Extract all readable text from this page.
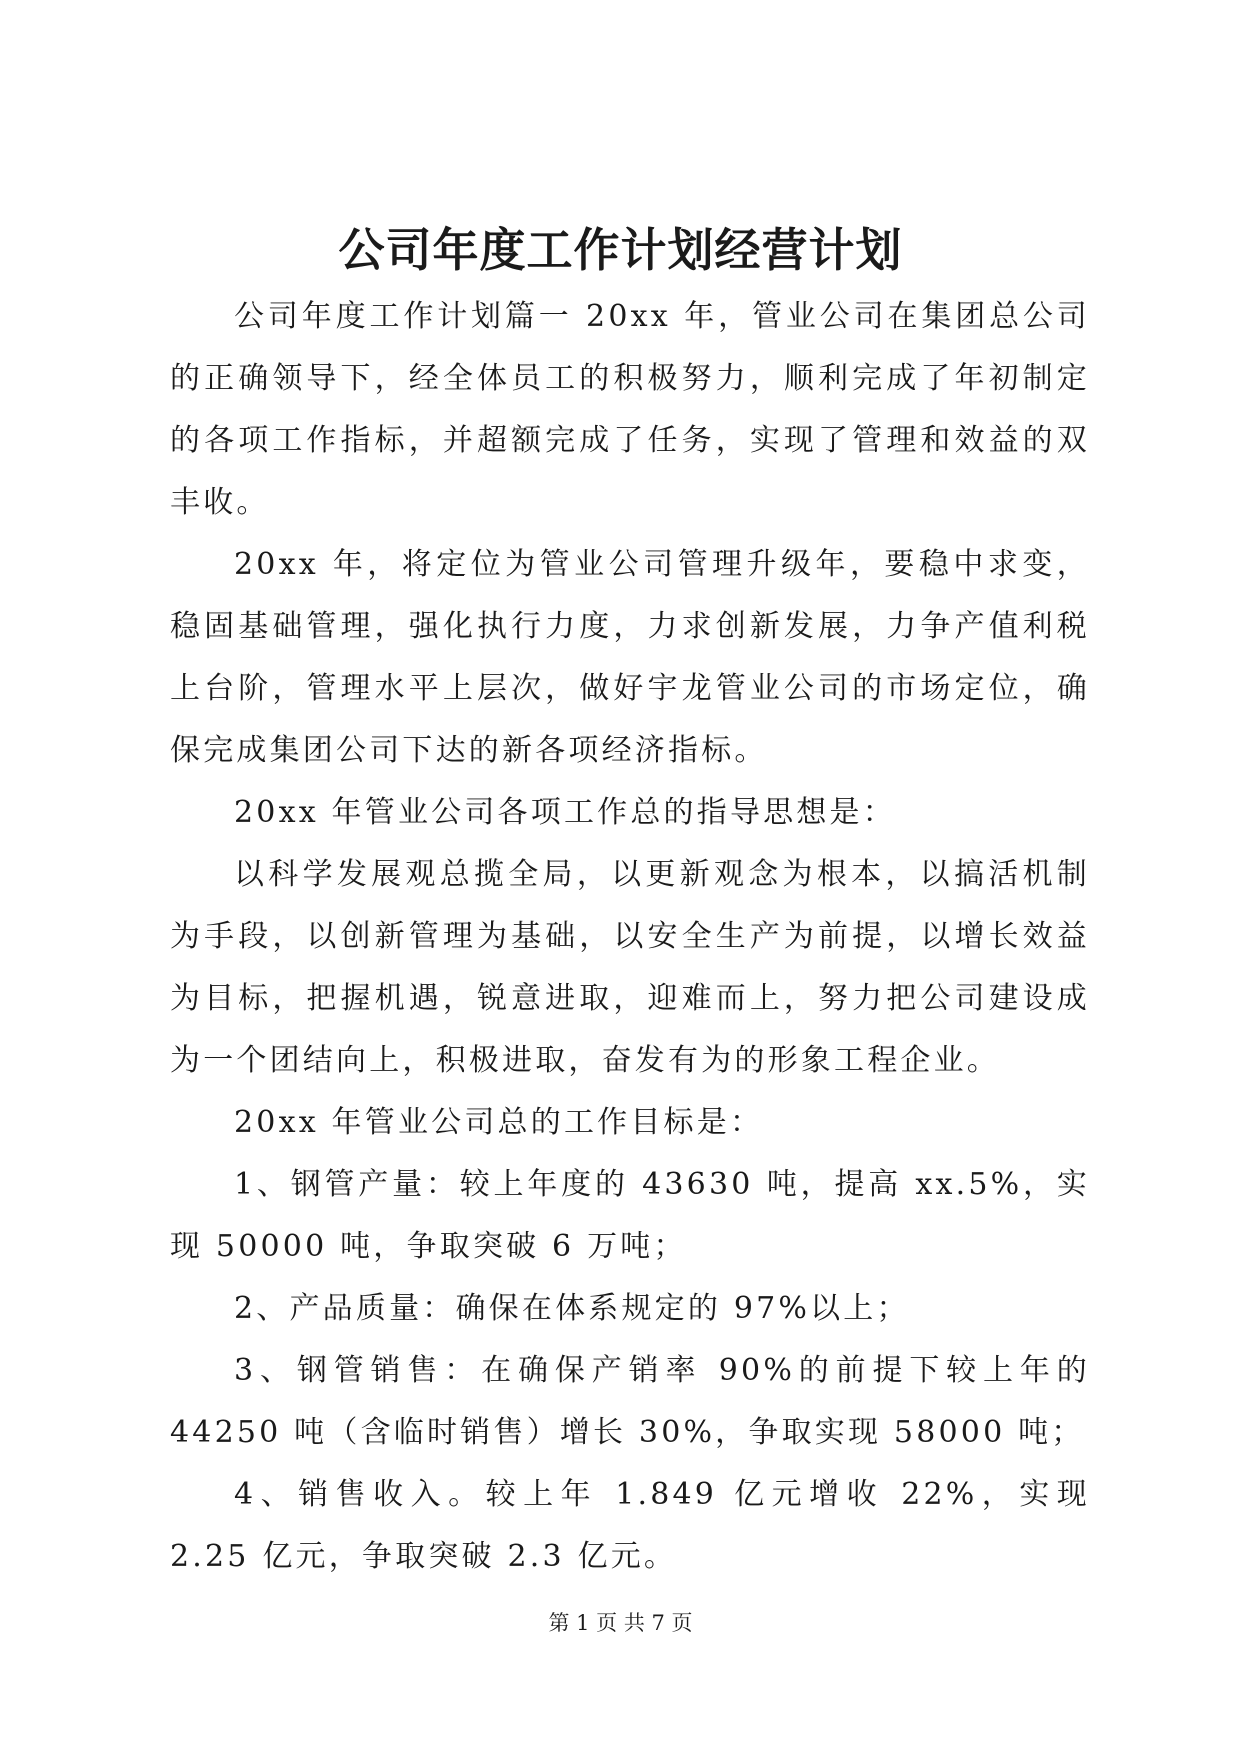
公司年度工作计划经营计划

公司年度工作计划篇一 20xx 年，管业公司在集团总公司的正确领导下，经全体员工的积极努力，顺利完成了年初制定的各项工作指标，并超额完成了任务，实现了管理和效益的双丰收。

20xx 年，将定位为管业公司管理升级年，要稳中求变，稳固基础管理，强化执行力度，力求创新发展，力争产值利税上台阶，管理水平上层次，做好宇龙管业公司的市场定位，确保完成集团公司下达的新各项经济指标。

20xx 年管业公司各项工作总的指导思想是：

以科学发展观总揽全局，以更新观念为根本，以搞活机制为手段，以创新管理为基础，以安全生产为前提，以增长效益为目标，把握机遇，锐意进取，迎难而上，努力把公司建设成为一个团结向上，积极进取，奋发有为的形象工程企业。

20xx 年管业公司总的工作目标是：

1、钢管产量：较上年度的 43630 吨，提高 xx.5%，实现 50000 吨，争取突破 6 万吨；

2、产品质量：确保在体系规定的 97%以上；

3、钢管销售：在确保产销率 90%的前提下较上年的 44250 吨（含临时销售）增长 30%，争取实现 58000 吨；

4、销售收入。较上年 1.849 亿元增收 22%，实现 2.25 亿元，争取突破 2.3 亿元。

第 1 页 共 7 页
